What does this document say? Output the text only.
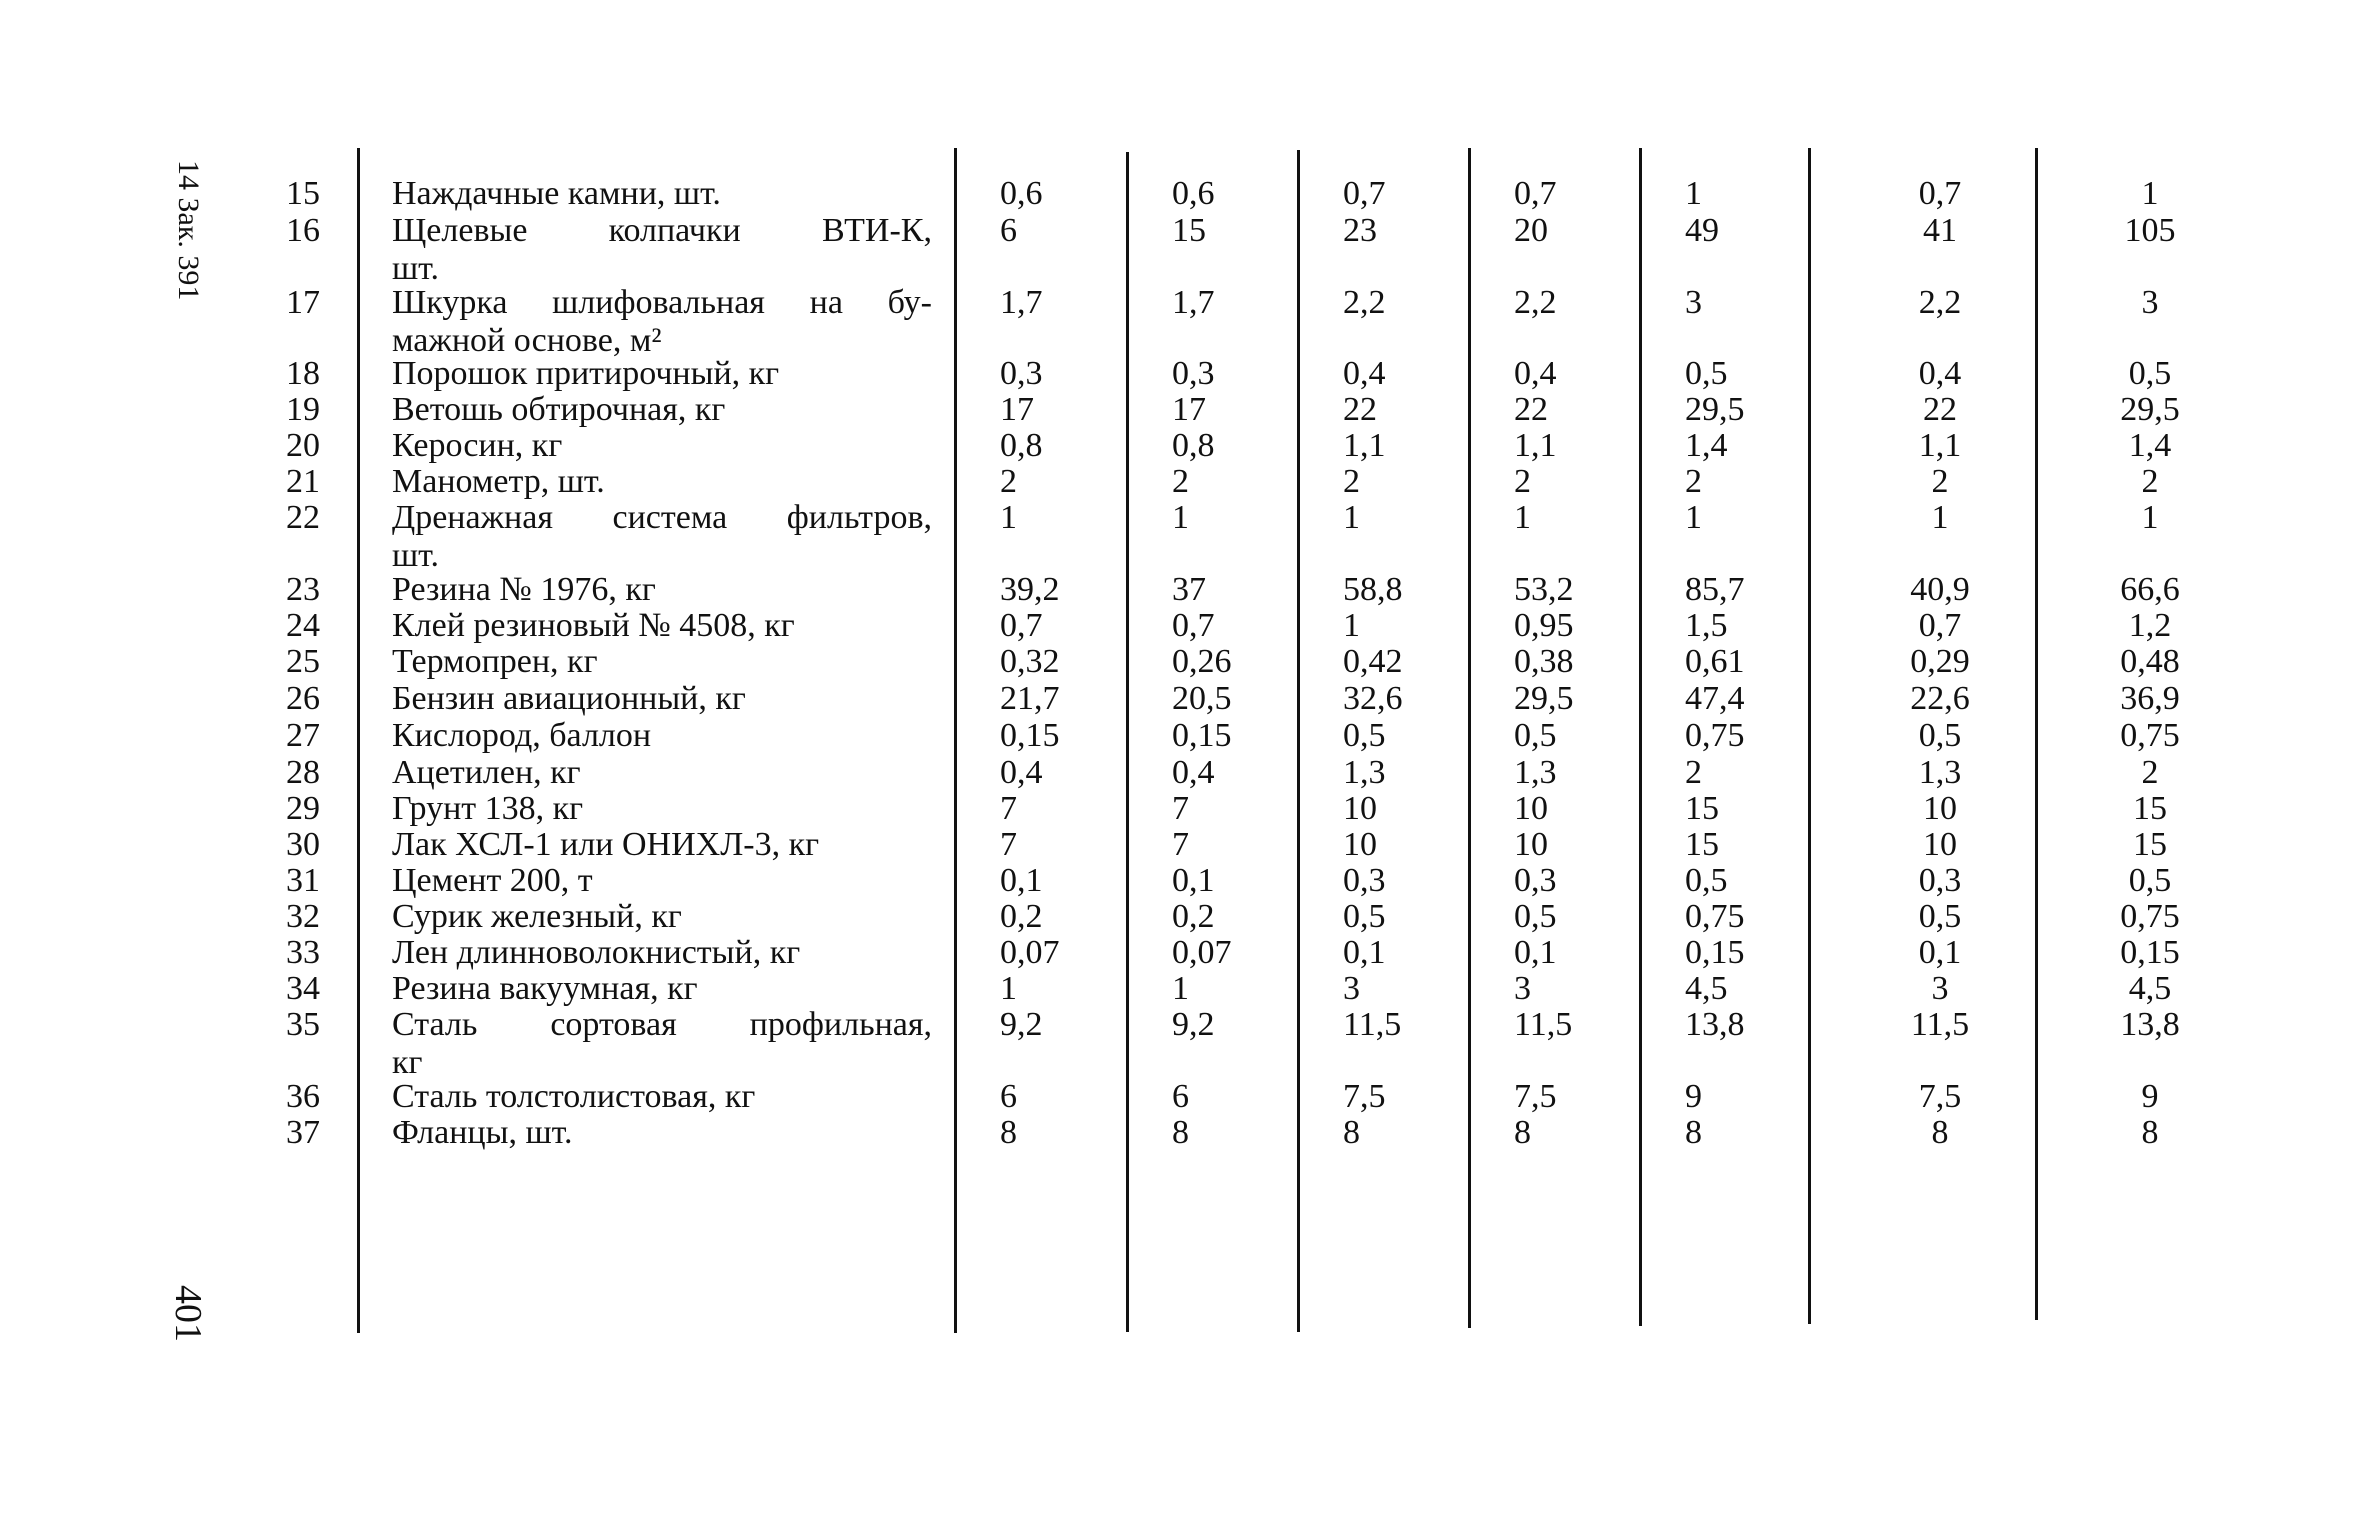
14 Зак. 391
401
15 Наждачные камни, шт.	0,6	0,6	0,7	0,7	1	0,7	1
16 Щелевые колпачки ВТИ-К,
шт.
6	15	23	20	49	41	105
17 Шкурка шлифовальная на бу-
мажной основе, м²
1,7	1,7	2,2	2,2	3	2,2	3
18 Порошок притирочный, кг	0,3	0,3	0,4	0,4	0,5	0,4	0,5
19 Ветошь обтирочная, кг	17	17	22	22	29,5	22	29,5
20 Керосин, кг	0,8	0,8	1,1	1,1	1,4	1,1	1,4
21 Манометр, шт.	2	2	2	2	2	2	2
22 Дренажная система фильтров,
шт.
1	1	1	1	1	1	1
23 Резина № 1976, кг	39,2	37	58,8	53,2	85,7	40,9	66,6
24 Клей резиновый № 4508, кг	0,7	0,7	1	0,95	1,5	0,7	1,2
25 Термопрен, кг	0,32	0,26	0,42	0,38	0,61	0,29	0,48
26 Бензин авиационный, кг	21,7	20,5	32,6	29,5	47,4	22,6	36,9
27 Кислород, баллон	0,15	0,15	0,5	0,5	0,75	0,5	0,75
28 Ацетилен, кг	0,4	0,4	1,3	1,3	2	1,3	2
29 Грунт 138, кг	7	7	10	10	15	10	15
30 Лак ХСЛ-1 или ОНИХЛ-3, кг	7	7	10	10	15	10	15
31 Цемент 200, т	0,1	0,1	0,3	0,3	0,5	0,3	0,5
32 Сурик железный, кг	0,2	0,2	0,5	0,5	0,75	0,5	0,75
33 Лен длинноволокнистый, кг	0,07	0,07	0,1	0,1	0,15	0,1	0,15
34 Резина вакуумная, кг	1	1	3	3	4,5	3	4,5
35 Сталь сортовая профильная,
кг
9,2	9,2	11,5	11,5	13,8	11,5	13,8
36 Сталь толстолистовая, кг	6	6	7,5	7,5	9	7,5	9
37 Фланцы, шт.	8	8	8	8	8	8	8
